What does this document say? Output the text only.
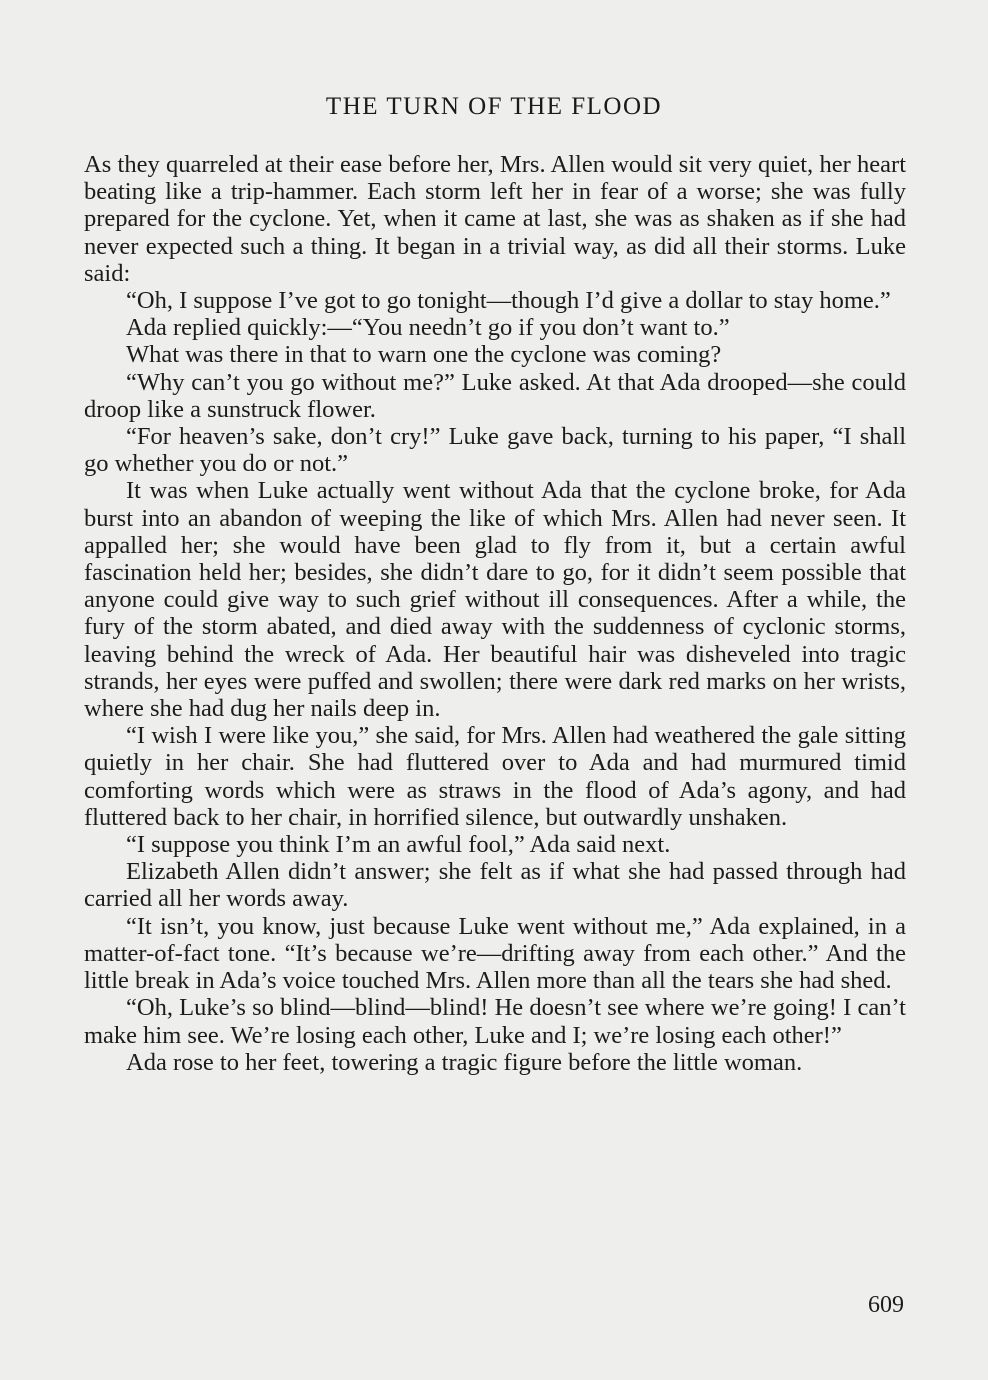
THE TURN OF THE FLOOD

As they quarreled at their ease before her, Mrs. Allen would sit very quiet, her heart beating like a trip-hammer. Each storm left her in fear of a worse; she was fully prepared for the cyclone. Yet, when it came at last, she was as shaken as if she had never expected such a thing. It began in a trivial way, as did all their storms. Luke said:

“Oh, I suppose I’ve got to go tonight—though I’d give a dollar to stay home.”

Ada replied quickly:—“You needn’t go if you don’t want to.”

What was there in that to warn one the cyclone was coming?

“Why can’t you go without me?” Luke asked. At that Ada drooped—she could droop like a sunstruck flower.

“For heaven’s sake, don’t cry!” Luke gave back, turning to his paper, “I shall go whether you do or not.”

It was when Luke actually went without Ada that the cyclone broke, for Ada burst into an abandon of weeping the like of which Mrs. Allen had never seen. It appalled her; she would have been glad to fly from it, but a certain awful fascination held her; besides, she didn’t dare to go, for it didn’t seem possible that anyone could give way to such grief without ill consequences. After a while, the fury of the storm abated, and died away with the suddenness of cyclonic storms, leaving behind the wreck of Ada. Her beautiful hair was disheveled into tragic strands, her eyes were puffed and swollen; there were dark red marks on her wrists, where she had dug her nails deep in.

“I wish I were like you,” she said, for Mrs. Allen had weathered the gale sitting quietly in her chair. She had fluttered over to Ada and had murmured timid comforting words which were as straws in the flood of Ada’s agony, and had fluttered back to her chair, in horrified silence, but outwardly unshaken.

“I suppose you think I’m an awful fool,” Ada said next.

Elizabeth Allen didn’t answer; she felt as if what she had passed through had carried all her words away.

“It isn’t, you know, just because Luke went without me,” Ada explained, in a matter-of-fact tone. “It’s because we’re—drifting away from each other.” And the little break in Ada’s voice touched Mrs. Allen more than all the tears she had shed.

“Oh, Luke’s so blind—blind—blind! He doesn’t see where we’re going! I can’t make him see. We’re losing each other, Luke and I; we’re losing each other!”

Ada rose to her feet, towering a tragic figure before the little woman.

609
